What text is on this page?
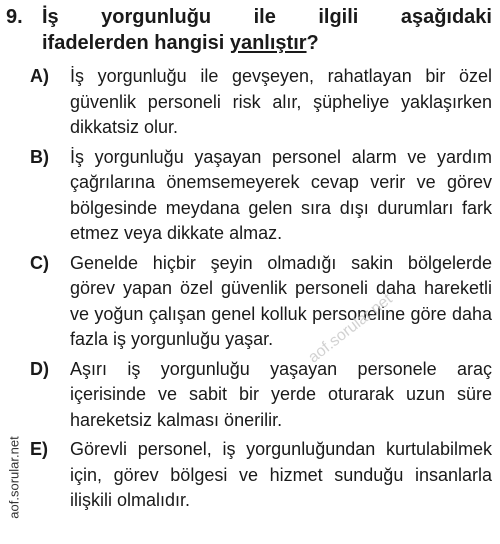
9. İş yorgunluğu ile ilgili aşağıdaki
ifadelerden hangisi yanlıştır?
A) İş yorgunluğu ile gevşeyen, rahatlayan bir özel güvenlik personeli risk alır, şüpheliye yaklaşırken dikkatsiz olur.
B) İş yorgunluğu yaşayan personel alarm ve yardım çağrılarına önemsemeyerek cevap verir ve görev bölgesinde meydana gelen sıra dışı durumları fark etmez veya dikkate almaz.
C) Genelde hiçbir şeyin olmadığı sakin bölgelerde görev yapan özel güvenlik personeli daha hareketli ve yoğun çalışan genel kolluk personeline göre daha fazla iş yorgunluğu yaşar.
D) Aşırı iş yorgunluğu yaşayan personele araç içerisinde ve sabit bir yerde oturarak uzun süre hareketsiz kalması önerilir.
E) Görevli personel, iş yorgunluğundan kurtulabilmek için, görev bölgesi ve hizmet sunduğu insanlarla ilişkili olmalıdır.
aof.sorular.net
aof.sorular.net
